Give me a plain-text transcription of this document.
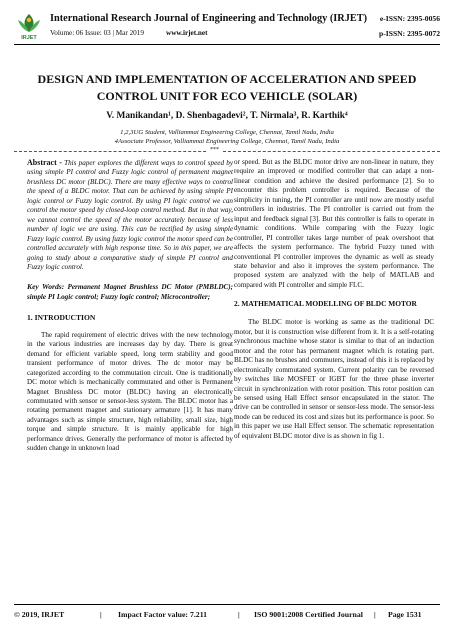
IRJET
International Research Journal of Engineering and Technology (IRJET)
Volume: 06 Issue: 03 | Mar 2019	www.irjet.net
e-ISSN: 2395-0056
p-ISSN: 2395-0072
DESIGN AND IMPLEMENTATION OF ACCELERATION AND SPEED
CONTROL UNIT FOR ECO VEHICLE (SOLAR)
V. Manikandan¹, D. Shenbagadevi², T. Nirmala³, R. Karthik⁴
1,2,3UG Student, Valliammai Engineering College, Chennai, Tamil Nadu, India
4Associate Professor, Valliammai Engineering College, Chennai, Tamil Nadu, India
***

Abstract - This paper explores the different ways to control speed by using simple PI control and Fuzzy logic control of permanent magnet brushless DC motor (BLDC). There are many effective ways to control the speed of a BLDC motor. That can be achieved by using simple PI logic control or Fuzzy logic control. By using PI logic control we can control the motor speed by closed-loop control method. But in that way, we cannot control the speed of the motor accurately because of less number of logic we are using. This can be rectified by using simple Fuzzy logic control. By using fuzzy logic control the motor speed can be controlled accurately with high response time. So in this paper, we are going to study about a comparative study of simple PI control and Fuzzy logic control.

Key Words: Permanent Magnet Brushless DC Motor (PMBLDC); simple PI Logic control; Fuzzy logic control; Microcontroller;

1. INTRODUCTION

The rapid requirement of electric drives with the new technology in the various industries are increases day by day. There is great demand for efficient variable speed, long term stability and good transient performance of motor drives. The dc motor may be categorized according to the commutation circuit. One is traditionally DC motor which is mechanically commutated and other is Permanent Magnet Brushless DC motor (BLDC) having an electronically commutated with sensor or sensor-less system. The BLDC motor has a rotating permanent magnet and stationary armature [1]. It has many advantages such as simple structure, high reliability, small size, high torque and simple structure. It is mainly applicable for high performance drives. Generally the performance of motor is affected by sudden change in unknown load

or speed. But as the BLDC motor drive are non-linear in nature, they require an improved or modified controller that can adapt a non-linear condition and achieve the desired performance [2]. So to encounter this problem controller is required. Because of the simplicity in tuning, the PI controller are until now are mostly useful controllers in industries. The PI controller is carried out from the input and feedback signal [3]. But this controller is fails to operate in dynamic conditions. While comparing with the Fuzzy logic controller, PI controller takes large number of peak overshoot that affects the system performance. The hybrid Fuzzy tuned with conventional PI controller improves the dynamic as well as steady state behavior and also it improves the system performance. The proposed system are analyzed with the help of MATLAB and compared with PI controller and simple FLC.

2. MATHEMATICAL MODELLING OF BLDC MOTOR

The BLDC motor is working as same as the traditional DC motor, but it is construction wise different from it. It is a self-rotating synchronous machine whose stator is similar to that of an induction motor and the rotor has permanent magnet which is rotating part. BLDC has no brushes and commuters, instead of this it is replaced by electronically commutated system. Current polarity can be reversed by switches like MOSFET or IGBT for the three phase inverter circuit in synchronization with rotor position. This rotor position can be sensed using Hall Effect sensor encapsulated in the stator. The drive can be controlled in sensor or sensor-less mode. The sensor-less mode can be reduced its cost and sizes but its performance is poor. So in this paper we use Hall Effect sensor. The schematic representation of equivalent BLDC motor dive is as shown in fig 1.

© 2019, IRJET	| Impact Factor value: 7.211	| ISO 9001:2008 Certified Journal | Page 1531
